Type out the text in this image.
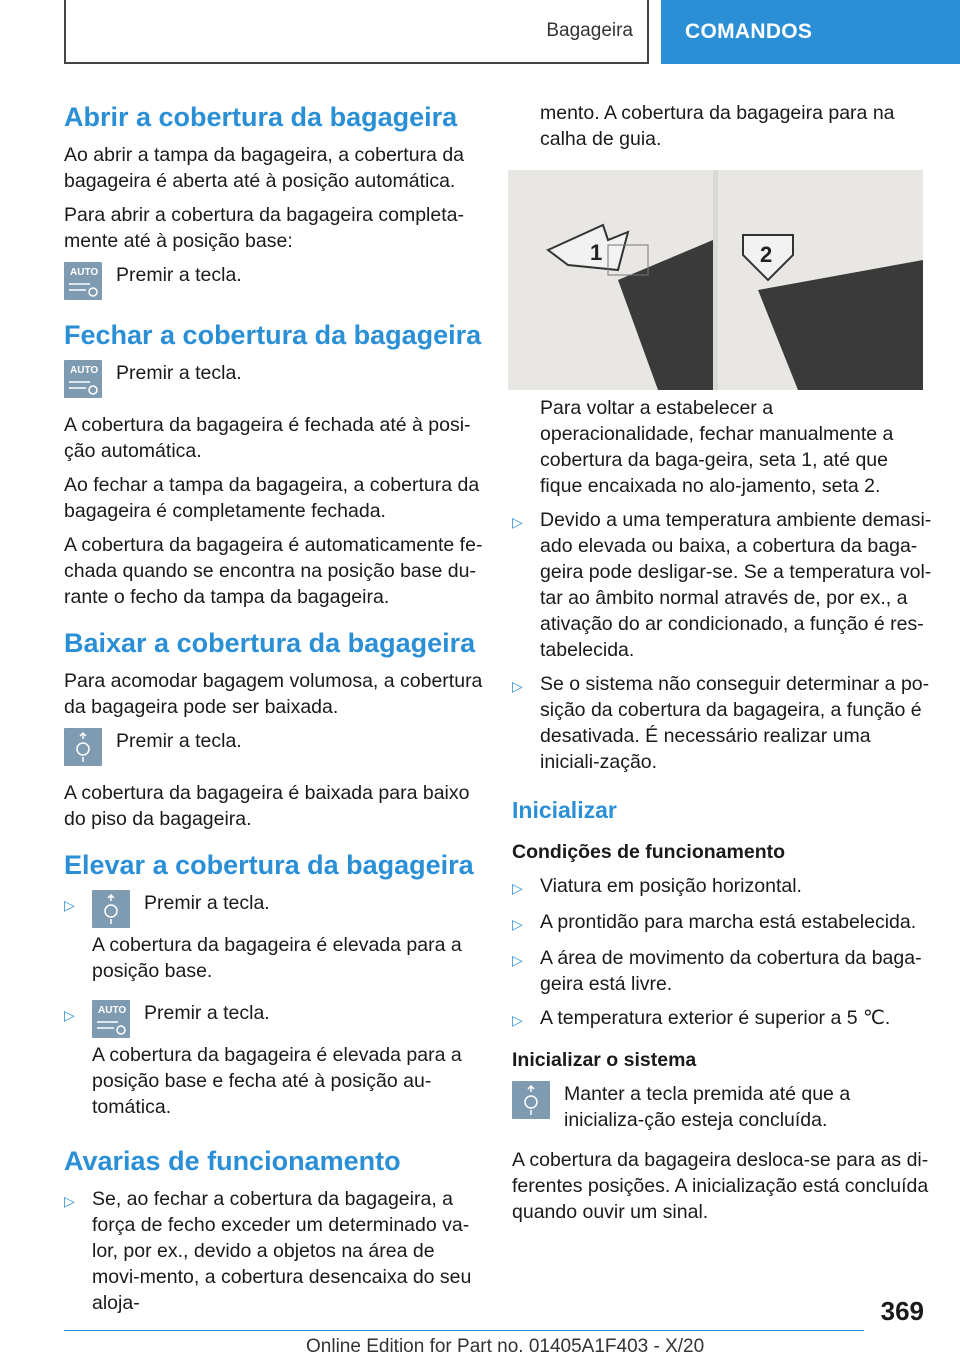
Bagageira COMANDOS
Abrir a cobertura da bagageira

Ao abrir a tampa da bagageira, a cobertura da bagageira é aberta até à posição automática.

Para abrir a cobertura da bagageira completa-mente até à posição base:

AUTO Premir a tecla.
Fechar a cobertura da bagageira
AUTO Premir a tecla.

A cobertura da bagageira é fechada até à posi-ção automática.

Ao fechar a tampa da bagageira, a cobertura da bagageira é completamente fechada.

A cobertura da bagageira é automaticamente fe-chada quando se encontra na posição base du-rante o fecho da tampa da bagageira.

Baixar a cobertura da bagageira

Para acomodar bagagem volumosa, a cobertura da bagageira pode ser baixada.

Premir a tecla.

A cobertura da bagageira é baixada para baixo do piso da bagageira.

Elevar a cobertura da bagageira
▷	Premir a tecla.

A cobertura da bagageira é elevada para a posição base.

▷	AUTO Premir a tecla.

A cobertura da bagageira é elevada para a posição base e fecha até à posição au-tomática.

Avarias de funcionamento
▷ Se, ao fechar a cobertura da bagageira, a força de fecho exceder um determinado va-lor, por ex., devido a objetos na área de movi-mento, a cobertura desencaixa do seu aloja-

mento. A cobertura da bagageira para na calha de guia.

1	2

Para voltar a estabelecer a operacionalidade, fechar manualmente a cobertura da baga-geira, seta 1, até que fique encaixada no alo-jamento, seta 2.

▷ Devido a uma temperatura ambiente demasi-ado elevada ou baixa, a cobertura da baga-geira pode desligar-se. Se a temperatura vol-tar ao âmbito normal através de, por ex., a ativação do ar condicionado, a função é res-tabelecida.
▷ Se o sistema não conseguir determinar a po-sição da cobertura da bagageira, a função é desativada. É necessário realizar uma iniciali-zação.
Inicializar
Condições de funcionamento
▷ Viatura em posição horizontal.
▷ A prontidão para marcha está estabelecida.
▷ A área de movimento da cobertura da baga-geira está livre.
▷ A temperatura exterior é superior a 5 ℃.
Inicializar o sistema
Manter a tecla premida até que a inicializa-ção esteja concluída.

A cobertura da bagageira desloca-se para as di-ferentes posições. A inicialização está concluída quando ouvir um sinal.

369
Online Edition for Part no. 01405A1F403 - X/20
